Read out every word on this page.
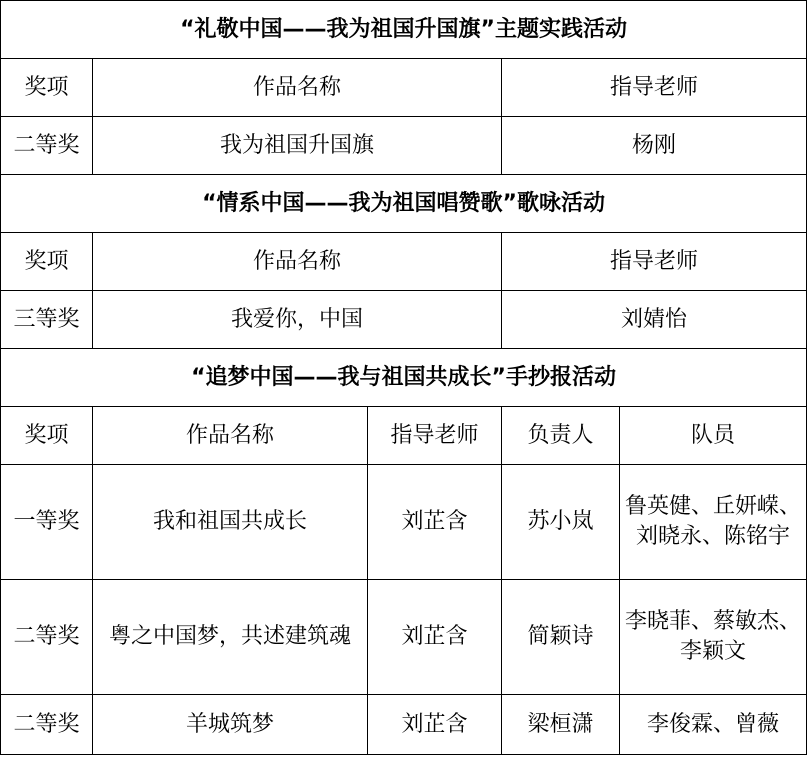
“礼敬中国——我为祖国升国旗”主题实践活动				
奖项	作品名称		指导老师	
二等奖	我为祖国升国旗		杨刚	
“情系中国——我为祖国唱赞歌”歌咏活动				
奖项	作品名称		指导老师	
三等奖	我爱你，中国		刘婧怡	
“追梦中国——我与祖国共成长”手抄报活动				
奖项	作品名称	指导老师	负责人	队员
一等奖	我和祖国共成长	刘芷含	苏小岚	鲁英健、丘妍嵘、
刘晓永、陈铭宇

二等奖	粤之中国梦，共述建筑魂	刘芷含	简颖诗	李晓菲、蔡敏杰、
李颖文

二等奖	羊城筑梦	刘芷含	梁桓潇	李俊霖、曾薇
